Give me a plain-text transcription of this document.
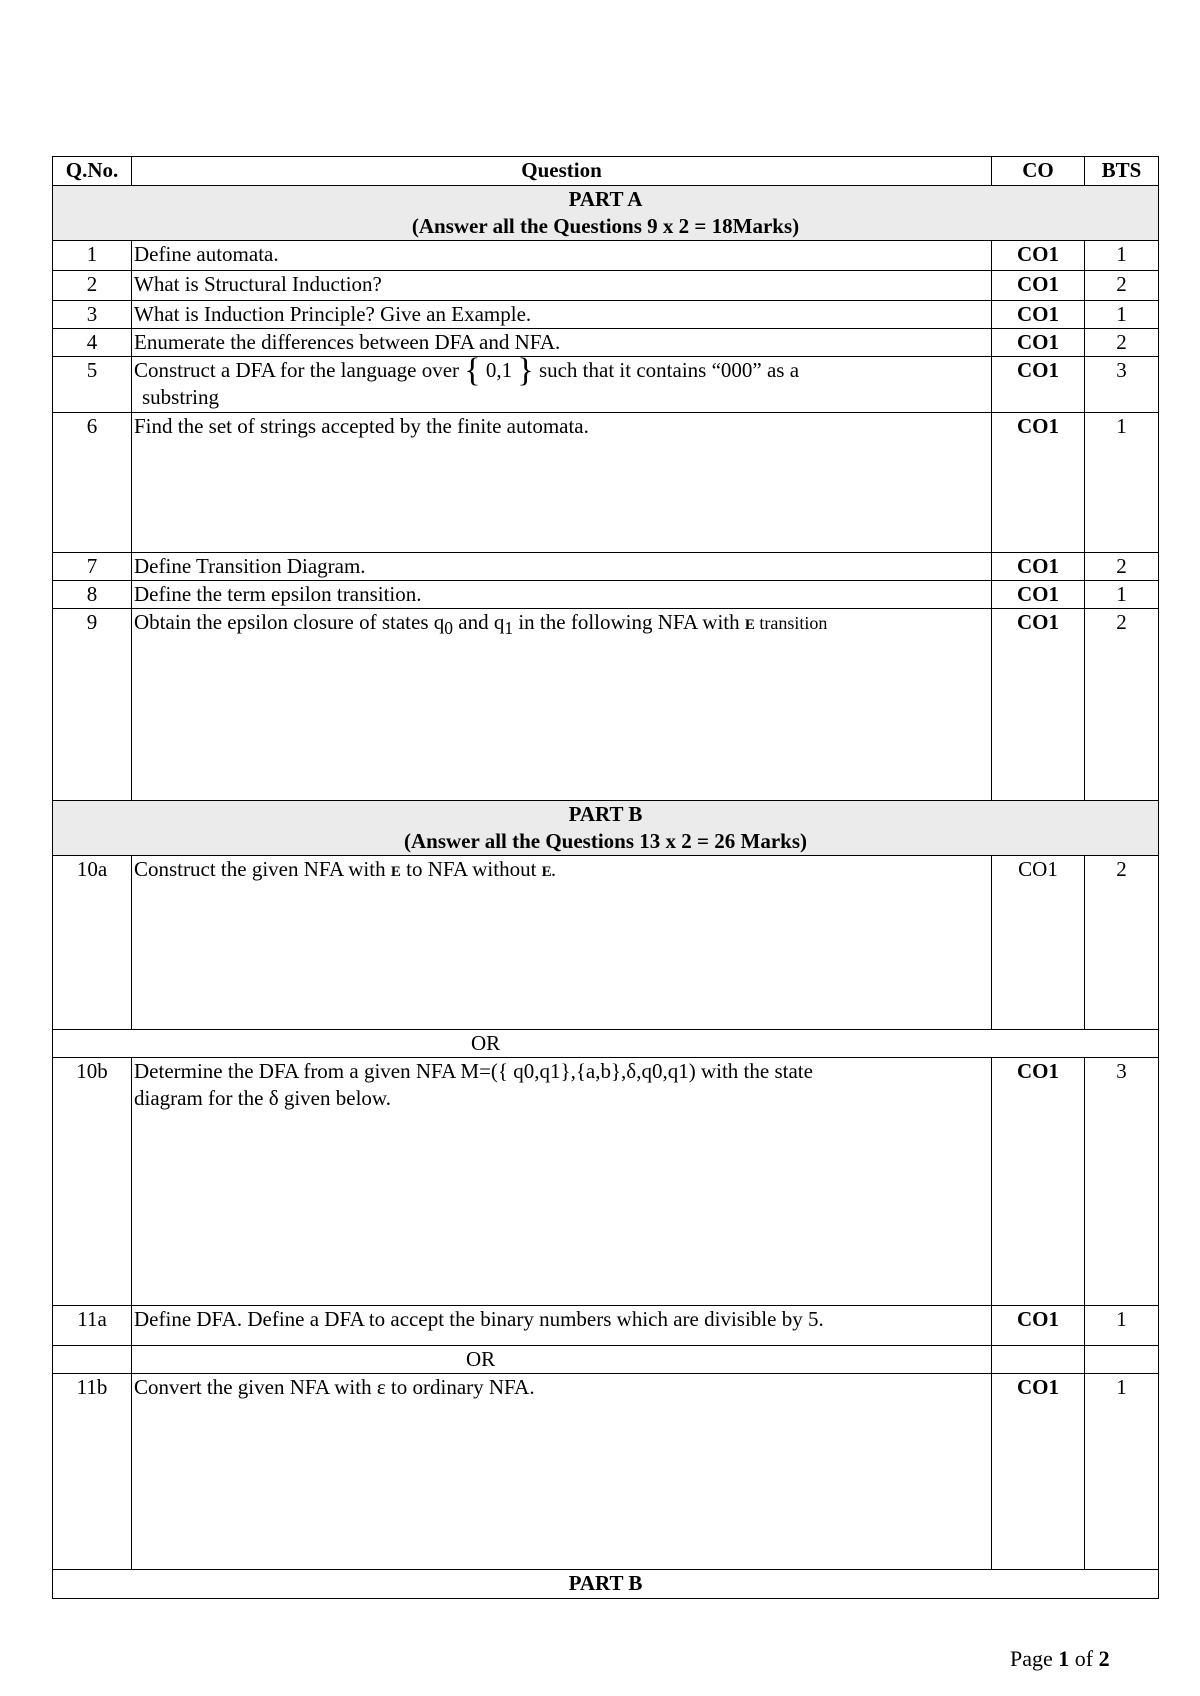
Q.No.	Question	CO	BTS

PART A
(Answer all the Questions 9 x 2 = 18Marks)			

1	Define automata.	CO1	1
2	What is Structural Induction?	CO1	2
3	What is Induction Principle? Give an Example.	CO1	1
4	Enumerate the differences between DFA and NFA.	CO1	2
5	Construct a DFA for the language over { 0,1 } such that it contains “000” as a
substring	CO1	3
6	Find the set of strings accepted by the finite automata.	CO1	1
7	Define Transition Diagram.	CO1	2
8	Define the term epsilon transition.	CO1	1
9	Obtain the epsilon closure of states $q_0$ and $q_1$ in the following NFA with E transition	CO1	2

PART B
(Answer all the Questions 13 x 2 = 26 Marks)			

10a	Construct the given NFA with E to NFA without E.	CO1	2
OR			
10b	Determine the DFA from a given NFA M=({ q0,q1},{a,b},δ,q0,q1) with the state
diagram for the δ given below.	CO1	3
11a	Define DFA. Define a DFA to accept the binary numbers which are divisible by 5.	CO1	1
	OR		
11b	Convert the given NFA with ε to ordinary NFA.	CO1	1
PART B			
Page 1 of 2
